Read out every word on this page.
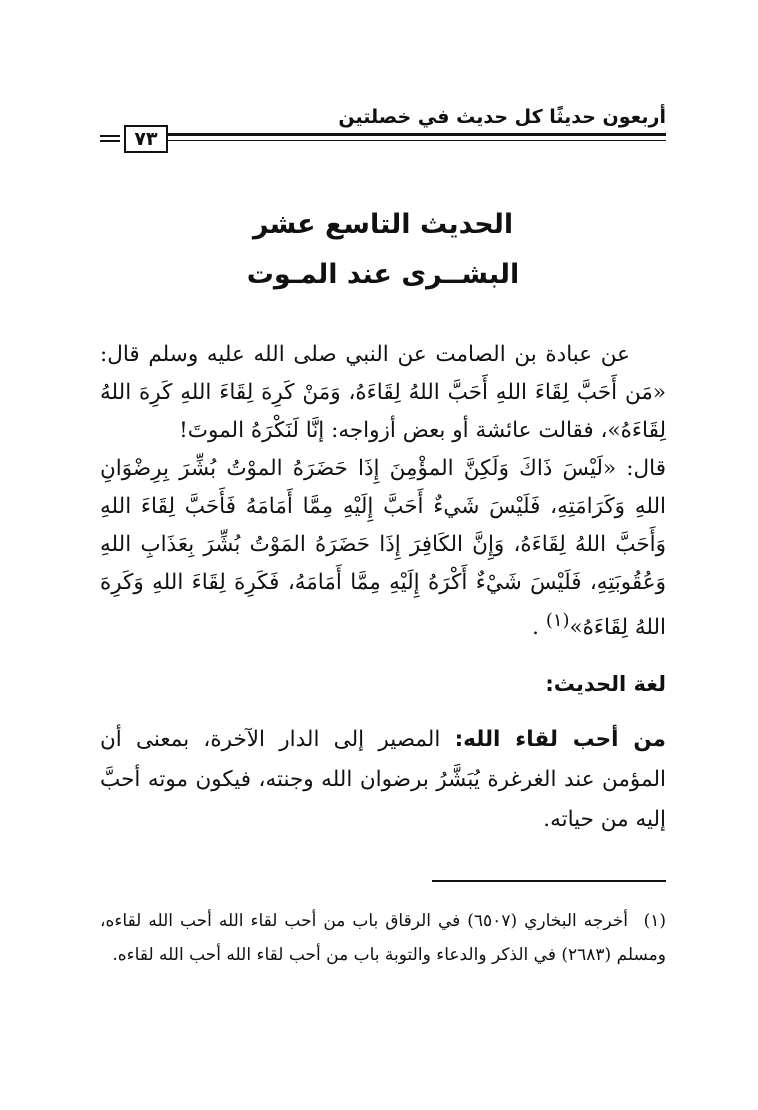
أربعون حديثًا كل حديث في خصلتين
٧٣
الحديث التاسع عشر
البشــرى عند المـوت

عن عبادة بن الصامت عن النبي صلى الله عليه وسلم قال: «مَن أَحَبَّ لِقَاءَ اللهِ أَحَبَّ اللهُ لِقَاءَهُ، وَمَنْ كَرِهَ لِقَاءَ اللهِ كَرِهَ اللهُ لِقَاءَهُ»، فقالت عائشة أو بعض أزواجه: إنَّا لَنَكْرَهُ الموتَ!

قال: «لَيْسَ ذَاكَ وَلَكِنَّ المؤْمِنَ إِذَا حَضَرَهُ الموْتُ بُشِّرَ بِرِضْوَانِ اللهِ وَكَرَامَتِهِ، فَلَيْسَ شَيءٌ أَحَبَّ إِلَيْهِ مِمَّا أَمَامَهُ فَأَحَبَّ لِقَاءَ اللهِ وَأَحَبَّ اللهُ لِقَاءَهُ، وَإِنَّ الكَافِرَ إِذَا حَضَرَهُ المَوْتُ بُشِّرَ بِعَذَابِ اللهِ وَعُقُوبَتِهِ، فَلَيْسَ شَيْءٌ أَكْرَهُ إِلَيْهِ مِمَّا أَمَامَهُ، فَكَرِهَ لِقَاءَ اللهِ وَكَرِهَ اللهُ لِقَاءَهُ»$^{(١)}$ .

لغة الحديث:
من أحب لقاء الله: المصير إلى الدار الآخرة، بمعنى أن المؤمن عند الغرغرة يُبَشَّرُ برضوان الله وجنته، فيكون موته أحبَّ إليه من حياته.
(١)أخرجه البخاري (٦٥٠٧) في الرقاق باب من أحب لقاء الله أحب الله لقاءه، ومسلم (٢٦٨٣) في الذكر والدعاء والتوبة باب من أحب لقاء الله أحب الله لقاءه.
